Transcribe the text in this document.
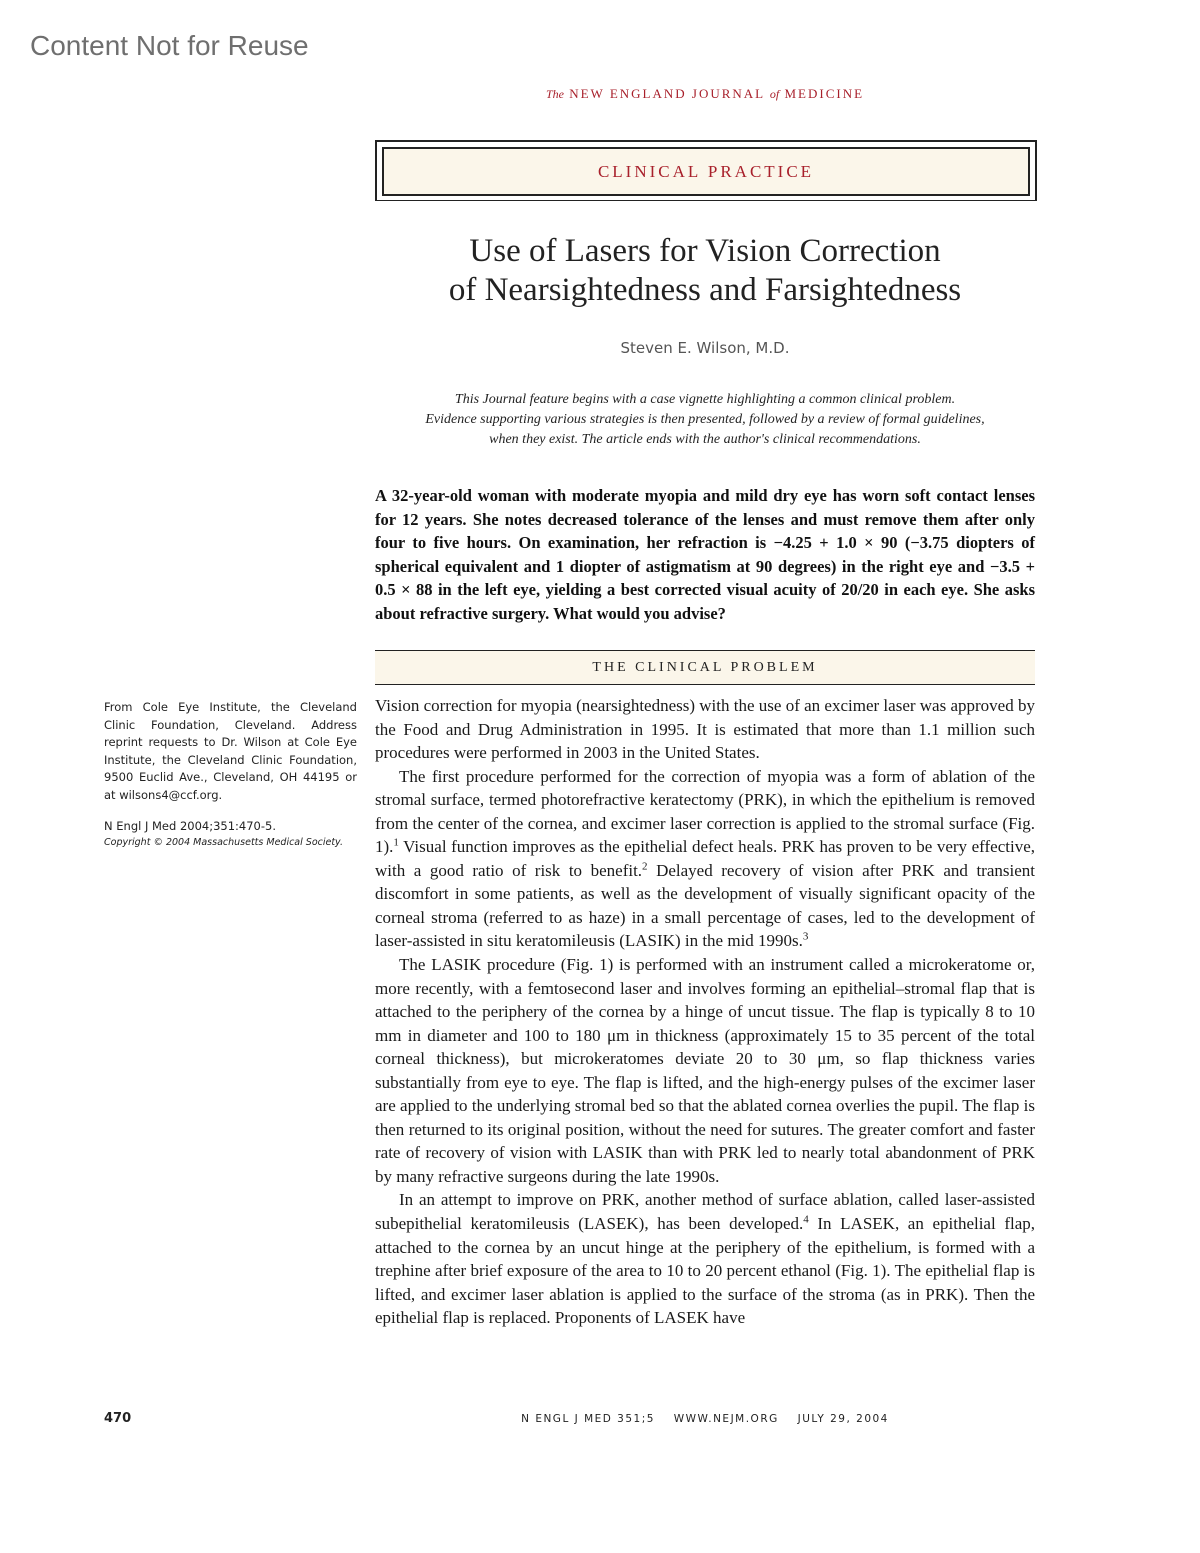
Content Not for Reuse
The NEW ENGLAND JOURNAL of MEDICINE
CLINICAL PRACTICE
Use of Lasers for Vision Correction
of Nearsightedness and Farsightedness
Steven E. Wilson, M.D.
This Journal feature begins with a case vignette highlighting a common clinical problem.
Evidence supporting various strategies is then presented, followed by a review of formal guidelines,
when they exist. The article ends with the author's clinical recommendations.
A 32-year-old woman with moderate myopia and mild dry eye has worn soft contact lenses for 12 years. She notes decreased tolerance of the lenses and must remove them after only four to five hours. On examination, her refraction is −4.25 + 1.0 × 90 (−3.75 diopters of spherical equivalent and 1 diopter of astigmatism at 90 degrees) in the right eye and −3.5 + 0.5 × 88 in the left eye, yielding a best corrected visual acuity of 20/20 in each eye. She asks about refractive surgery. What would you advise?
THE CLINICAL PROBLEM
From Cole Eye Institute, the Cleveland Clinic Foundation, Cleveland. Address reprint requests to Dr. Wilson at Cole Eye Institute, the Cleveland Clinic Foundation, 9500 Euclid Ave., Cleveland, OH 44195 or at wilsons4@ccf.org.
N Engl J Med 2004;351:470-5.
Copyright © 2004 Massachusetts Medical Society.

Vision correction for myopia (nearsightedness) with the use of an excimer laser was approved by the Food and Drug Administration in 1995. It is estimated that more than 1.1 million such procedures were performed in 2003 in the United States.

The first procedure performed for the correction of myopia was a form of ablation of the stromal surface, termed photorefractive keratectomy (PRK), in which the epithelium is removed from the center of the cornea, and excimer laser correction is applied to the stromal surface (Fig. 1).$^1$ Visual function improves as the epithelial defect heals. PRK has proven to be very effective, with a good ratio of risk to benefit.$^2$ Delayed recovery of vision after PRK and transient discomfort in some patients, as well as the development of visually significant opacity of the corneal stroma (referred to as haze) in a small percentage of cases, led to the development of laser-assisted in situ keratomileusis (LASIK) in the mid 1990s.$^3$

The LASIK procedure (Fig. 1) is performed with an instrument called a microkeratome or, more recently, with a femtosecond laser and involves forming an epithelial–stromal flap that is attached to the periphery of the cornea by a hinge of uncut tissue. The flap is typically 8 to 10 mm in diameter and 100 to 180 μm in thickness (approximately 15 to 35 percent of the total corneal thickness), but microkeratomes deviate 20 to 30 μm, so flap thickness varies substantially from eye to eye. The flap is lifted, and the high-energy pulses of the excimer laser are applied to the underlying stromal bed so that the ablated cornea overlies the pupil. The flap is then returned to its original position, without the need for sutures. The greater comfort and faster rate of recovery of vision with LASIK than with PRK led to nearly total abandonment of PRK by many refractive surgeons during the late 1990s.

In an attempt to improve on PRK, another method of surface ablation, called laser-assisted subepithelial keratomileusis (LASEK), has been developed.$^4$ In LASEK, an epithelial flap, attached to the cornea by an uncut hinge at the periphery of the epithelium, is formed with a trephine after brief exposure of the area to 10 to 20 percent ethanol (Fig. 1). The epithelial flap is lifted, and excimer laser ablation is applied to the surface of the stroma (as in PRK). Then the epithelial flap is replaced. Proponents of LASEK have

470	N ENGL J MED 351;5 WWW.NEJM.ORG JULY 29, 2004
